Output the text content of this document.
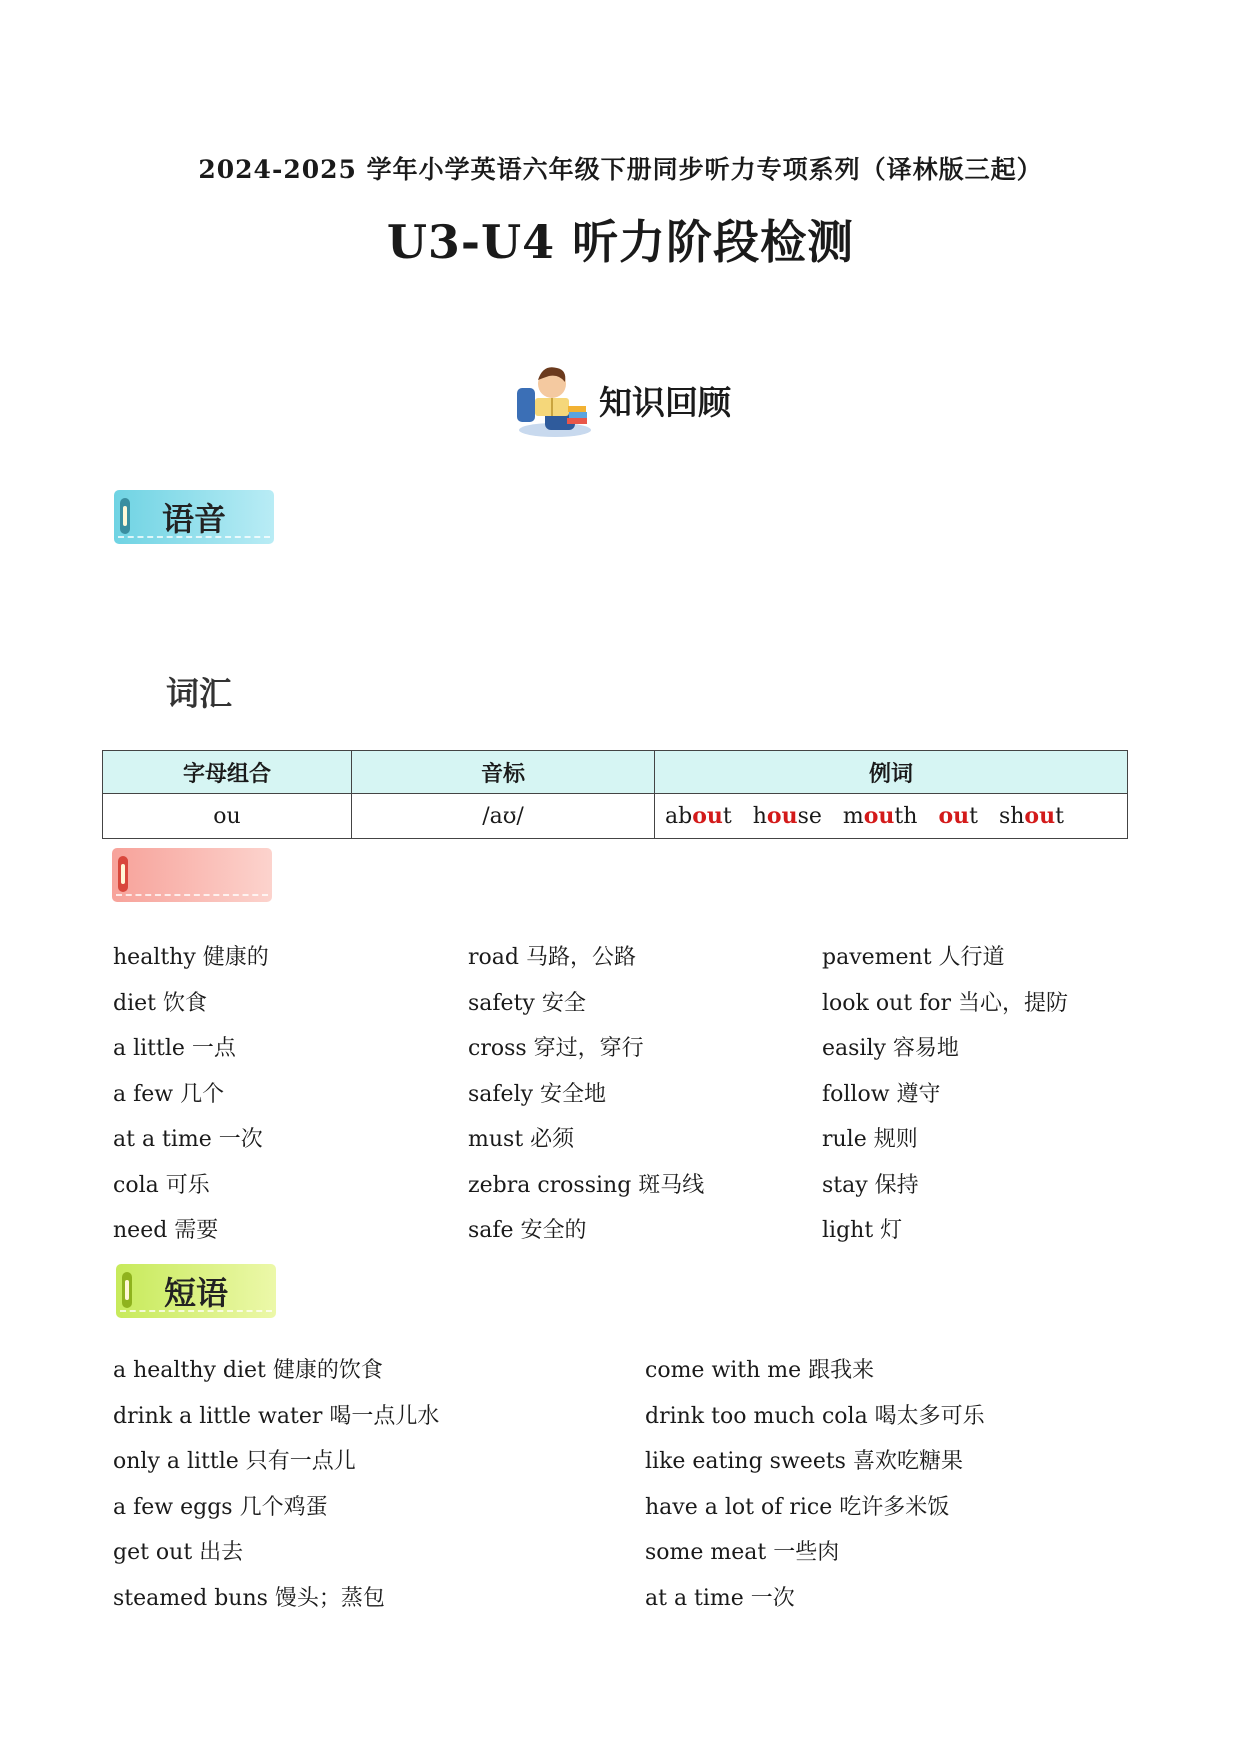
2024-2025 学年小学英语六年级下册同步听力专项系列（译林版三起）
U3-U4 听力阶段检测
知识回顾
语音
词汇
字母组合	音标	例词
ou	/aʊ/	about house mouth out shout
healthy 健康的
diet 饮食
a little 一点
a few 几个
at a time 一次
cola 可乐
need 需要
road 马路，公路
safety 安全
cross 穿过，穿行
safely 安全地
must 必须
zebra crossing 斑马线
safe 安全的
pavement 人行道
look out for 当心，提防
easily 容易地
follow 遵守
rule 规则
stay 保持
light 灯
短语
a healthy diet 健康的饮食
drink a little water 喝一点儿水
only a little 只有一点儿
a few eggs 几个鸡蛋
get out 出去
steamed buns 馒头；蒸包
come with me 跟我来
drink too much cola 喝太多可乐
like eating sweets 喜欢吃糖果
have a lot of rice 吃许多米饭
some meat 一些肉
at a time 一次
